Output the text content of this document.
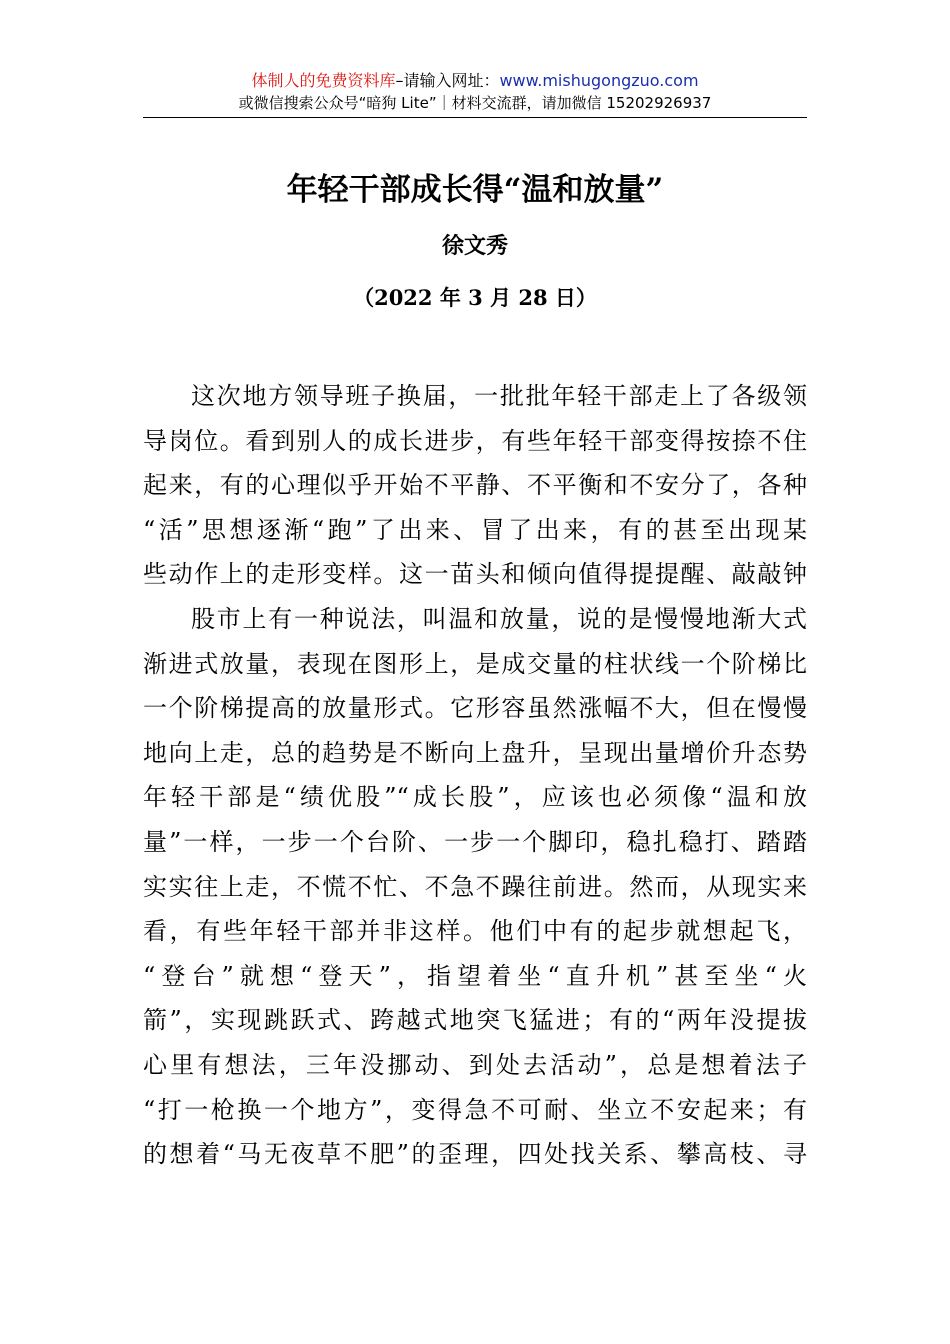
体制人的免费资料库–请输入网址：www.mishugongzuo.com
或微信搜索公众号“暗狗 Lite”｜材料交流群，请加微信 15202926937
年轻干部成长得“温和放量”
徐文秀
（2022 年 3 月 28 日）
这次地方领导班子换届，一批批年轻干部走上了各级领
导岗位。看到别人的成长进步，有些年轻干部变得按捺不住
起来，有的心理似乎开始不平静、不平衡和不安分了，各种
“活”思想逐渐“跑”了出来、冒了出来，有的甚至出现某
些动作上的走形变样。这一苗头和倾向值得提提醒、敲敲钟
股市上有一种说法，叫温和放量，说的是慢慢地渐大式
渐进式放量，表现在图形上，是成交量的柱状线一个阶梯比
一个阶梯提高的放量形式。它形容虽然涨幅不大，但在慢慢
地向上走，总的趋势是不断向上盘升，呈现出量增价升态势
年轻干部是“绩优股”“成长股”，应该也必须像“温和放
量”一样，一步一个台阶、一步一个脚印，稳扎稳打、踏踏
实实往上走，不慌不忙、不急不躁往前进。然而，从现实来
看，有些年轻干部并非这样。他们中有的起步就想起飞，
“登台”就想“登天”，指望着坐“直升机”甚至坐“火
箭”，实现跳跃式、跨越式地突飞猛进；有的“两年没提拔
心里有想法，三年没挪动、到处去活动”，总是想着法子
“打一枪换一个地方”，变得急不可耐、坐立不安起来；有
的想着“马无夜草不肥”的歪理，四处找关系、攀高枝、寻
